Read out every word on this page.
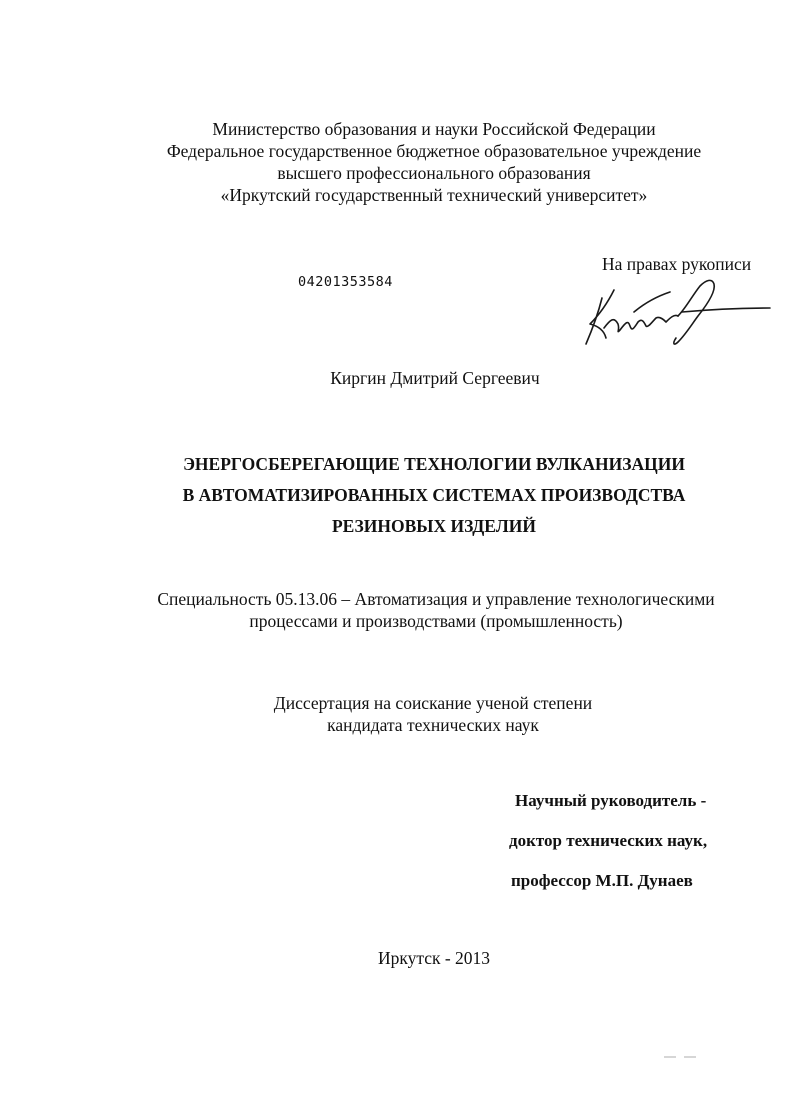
Министерство образования и науки Российской Федерации
Федеральное государственное бюджетное образовательное учреждение
высшего профессионального образования
«Иркутский государственный технический университет»
На правах рукописи
04201353584
Киргин Дмитрий Сергеевич
ЭНЕРГОСБЕРЕГАЮЩИЕ ТЕХНОЛОГИИ ВУЛКАНИЗАЦИИ
В АВТОМАТИЗИРОВАННЫХ СИСТЕМАХ ПРОИЗВОДСТВА
РЕЗИНОВЫХ ИЗДЕЛИЙ
Специальность 05.13.06 – Автоматизация и управление технологическими
процессами и производствами (промышленность)
Диссертация на соискание ученой степени
кандидата технических наук
Научный руководитель -
доктор технических наук,
профессор М.П. Дунаев
Иркутск - 2013
